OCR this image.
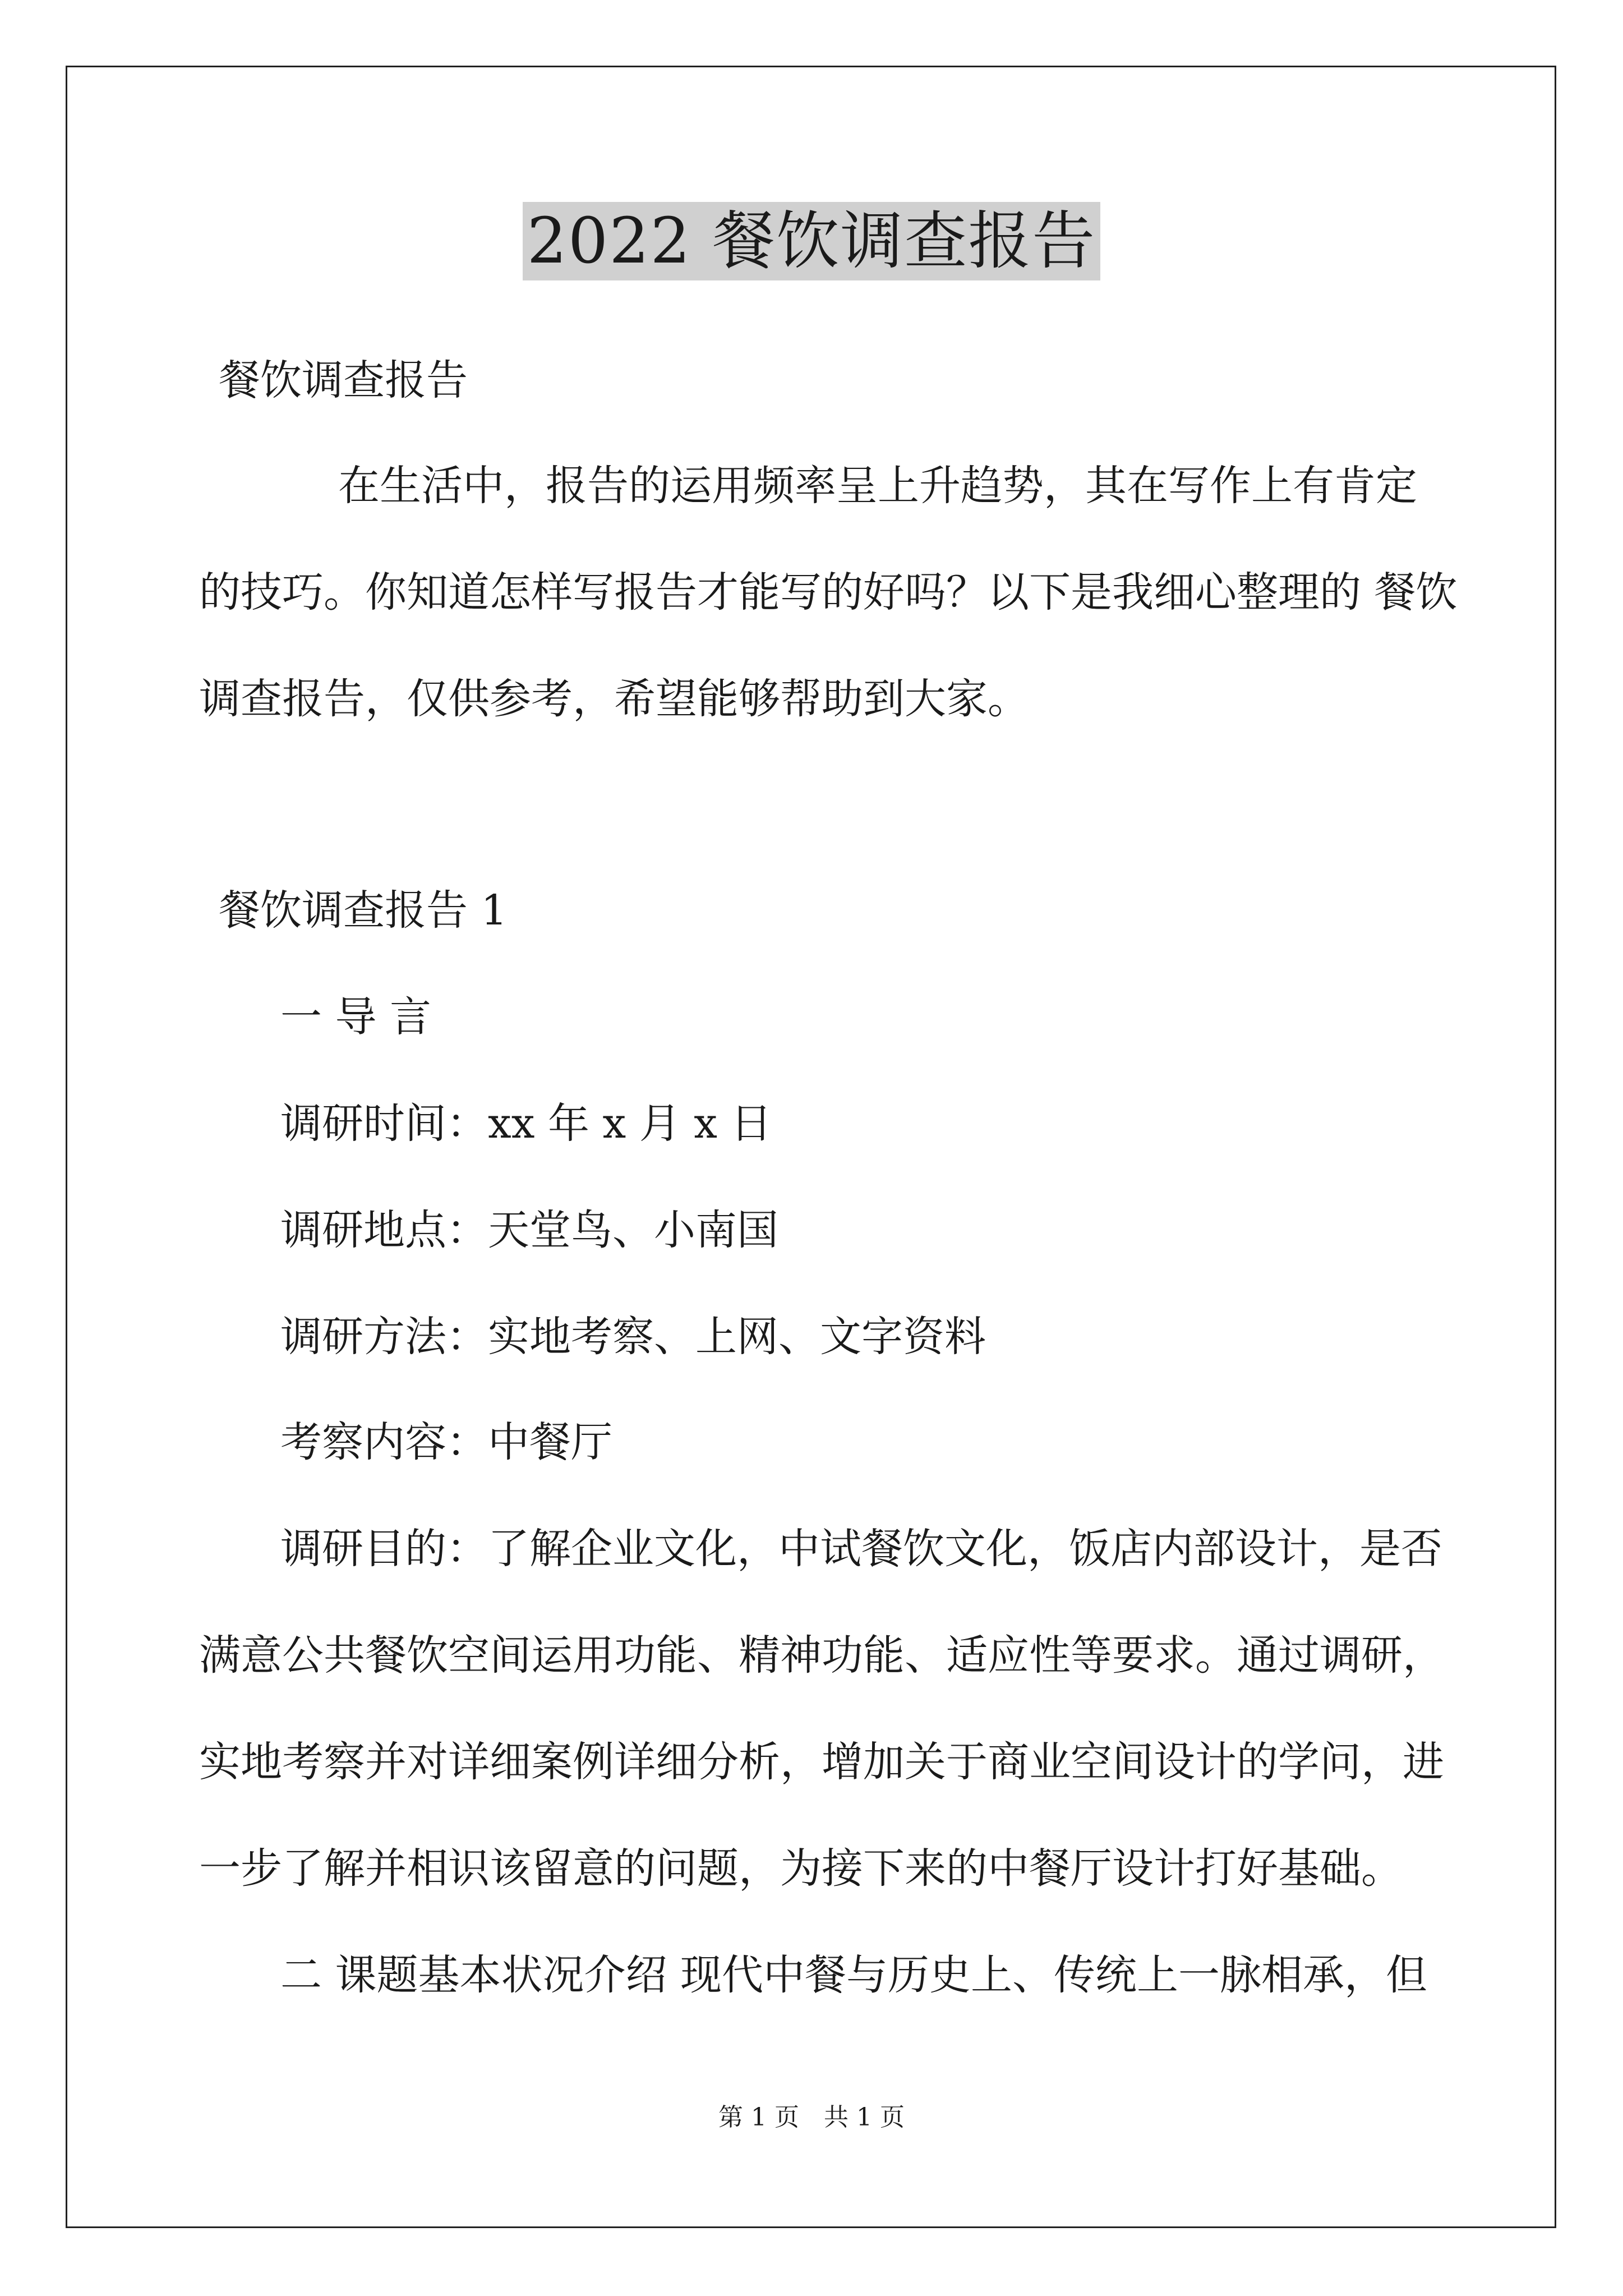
2022 餐饮调查报告
餐饮调查报告
　　在生活中，报告的运用频率呈上升趋势，其在写作上有肯定
的技巧。你知道怎样写报告才能写的好吗？以下是我细心整理的 餐饮
调查报告，仅供参考，希望能够帮助到大家。
餐饮调查报告 1
一 导 言
调研时间：xx 年 x 月 x 日
调研地点：天堂鸟、小南国
调研方法：实地考察、上网、文字资料
考察内容：中餐厅
调研目的：了解企业文化，中试餐饮文化，饭店内部设计，是否
满意公共餐饮空间运用功能、精神功能、适应性等要求。通过调研，
实地考察并对详细案例详细分析，增加关于商业空间设计的学问，进
一步了解并相识该留意的问题，为接下来的中餐厅设计打好基础。
二 课题基本状况介绍 现代中餐与历史上、传统上一脉相承，但
第 1 页　共 1 页
